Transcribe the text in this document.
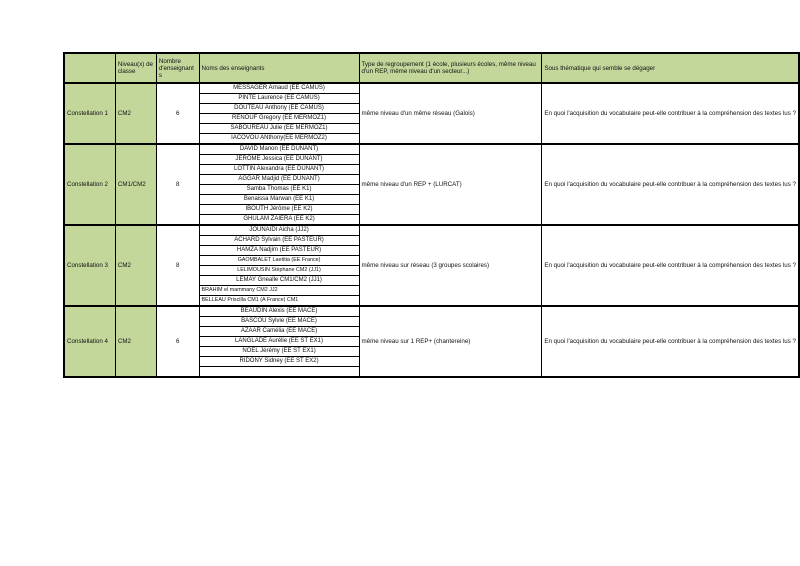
	Niveau(x) de classe	Nombre d'enseignant s	Noms des enseignants	Type de regroupement (1 école, plusieurs écoles, même niveau d'un REP, même niveau d'un secteur...)	Sous thématique qui semble se dégager
Constellation 1	CM2	6	MESSAGER Arnaud (EE CAMUS)	même niveau d'un même réseau (Galois)	En quoi l'acquisition du vocabulaire peut-elle contribuer à la compréhension des textes lus ?
			PINTE Laurence (EE CAMUS)		
			DOUTEAU Anthony (EE CAMUS)		
			RENOUF Gregory (EE MERMOZ1)		
			SABOUREAU Julie (EE MERMOZ1)		
			IACOVOU ANthony(EE MERMOZ2)		
Constellation 2	CM1/CM2	8	DAVID Manon (EE DUNANT)	même niveau d'un REP + (LURCAT)	En quoi l'acquisition du vocabulaire peut-elle contribuer à la compréhension des textes lus ?
			JEROME Jessica (EE DUNANT)		
			LOTTIN Alexandra (EE DUNANT)		
			AGGAR Madjid (EE DUNANT)		
			Samba Thomas (EE K1)		
			Benaissa Marwan (EE K1)		
			IBOUTH Jérôme (EE K2)		
			GHULAM ZAIERA (EE K2)		
Constellation 3	CM2	8	JOUNAIDI Aicha (JJ2)	même niveau sur réseau (3 groupes scolaires)	En quoi l'acquisition du vocabulaire peut-elle contribuer à la compréhension des textes lus ?
			ACHARD Sylvain (EE PASTEUR)		
			HAMZA Nadjim (EE PASTEUR)		
			GAOMBALET Laetitia (EE France)		
			LELIMOUSIN Stéphane CM2 (JJ1)		
			LEMAY Gnealle CM1/CM2 (JJ1)		
			BRAHIM el mammany CM2 JJ2		
			BELLEAU Priscilla CM1 (A France) CM1		
Constellation 4	CM2	6	BEAUDIN Alexis (EE MACE)	même niveau sur 1 REP+ (chantereine)	En quoi l'acquisition du vocabulaire peut-elle contribuer à la compréhension des textes lus ?
			BASCOU Sylvie (EE MACE)		
			AZAAR Camélia (EE MACE)		
			LANGLADE Aurélie (EE ST EX1)		
			NOEL Jérémy (EE ST EX1)		
			RIDONY Sidney (EE ST EX2)		
